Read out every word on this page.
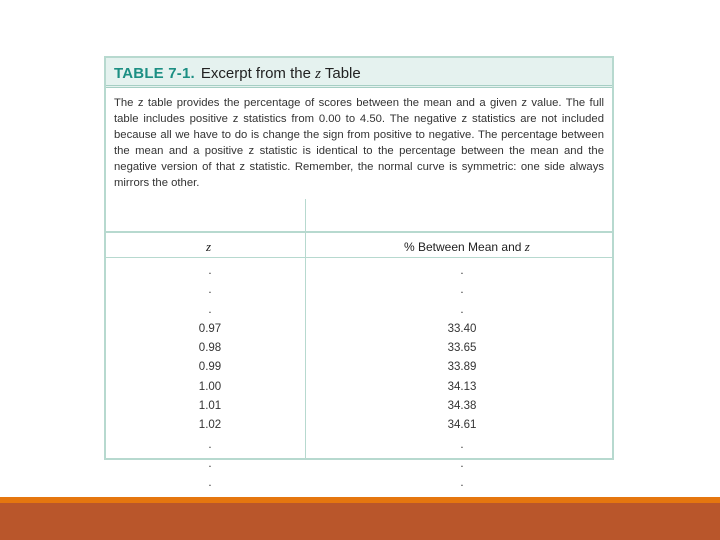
TABLE 7-1. Excerpt from the z Table
The z table provides the percentage of scores between the mean and a given z value. The full table includes positive z statistics from 0.00 to 4.50. The negative z statistics are not included because all we have to do is change the sign from positive to negative. The percentage between the mean and a positive z statistic is identical to the percentage between the mean and the negative version of that z statistic. Remember, the normal curve is symmetric: one side always mirrors the other.
z	% Between Mean and z
.	.
.	.
.	.
0.97	33.40
0.98	33.65
0.99	33.89
1.00	34.13
1.01	34.38
1.02	34.61
.	.
.	.
.	.
